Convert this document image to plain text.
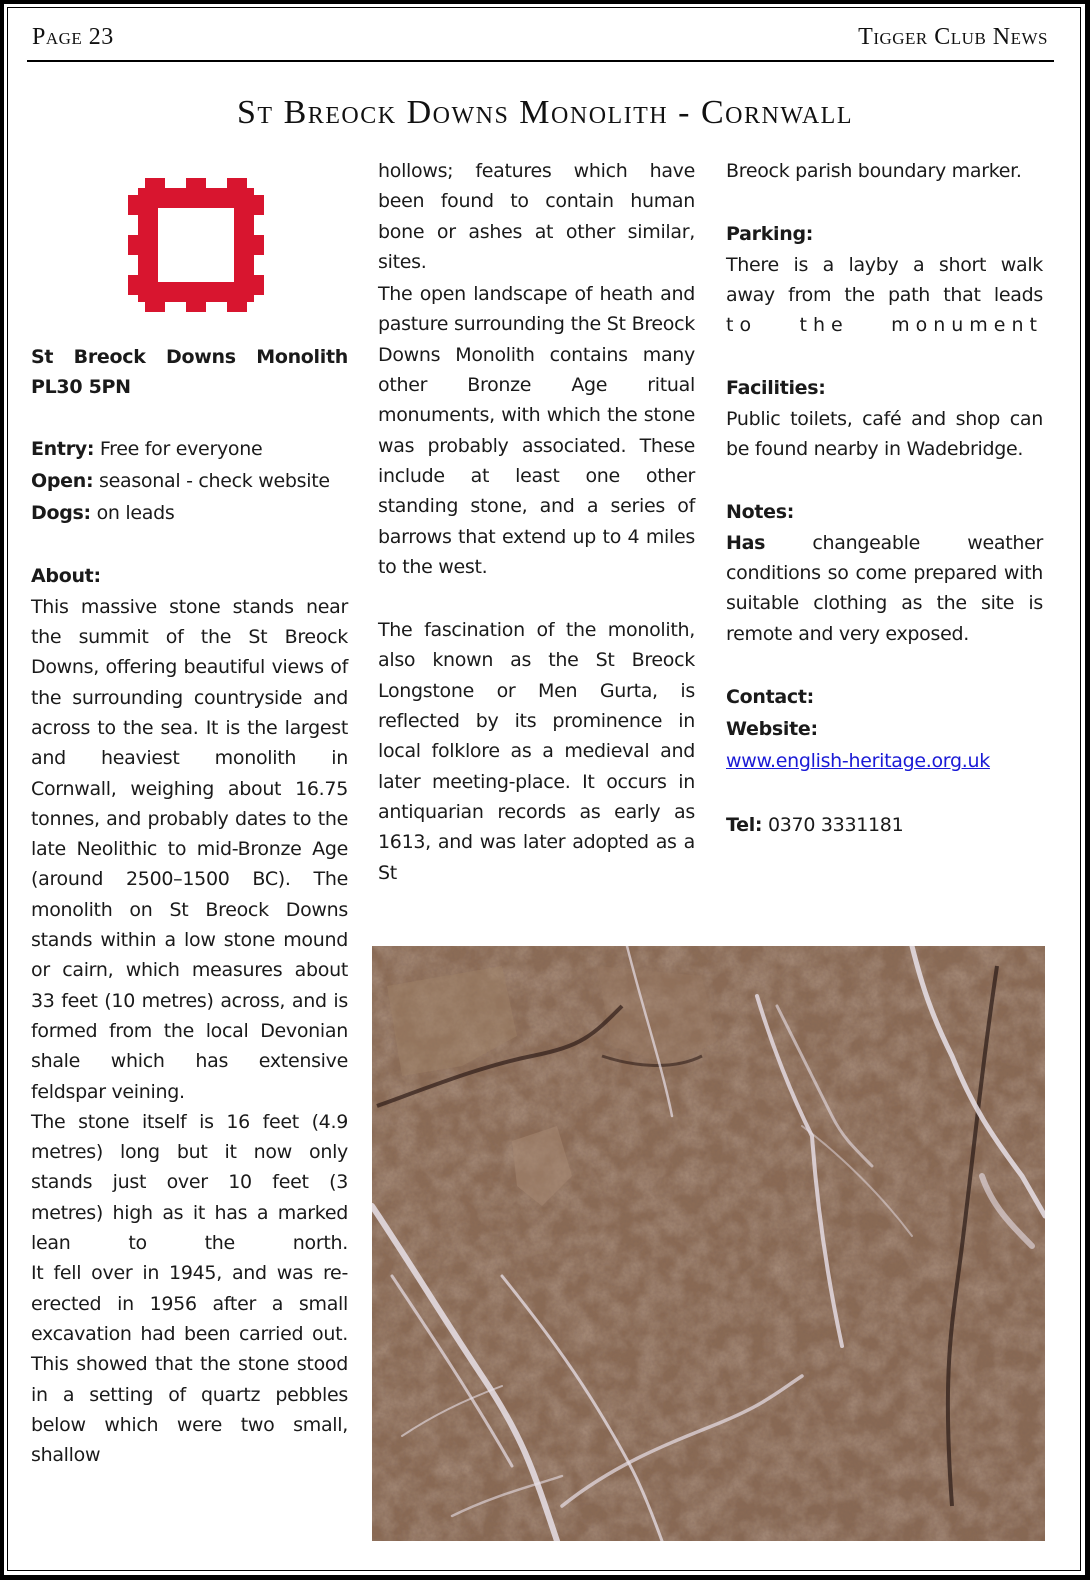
Page 23	Tigger Club News
St Breock Downs Monolith - Cornwall

St Breock Downs Monolith
PL30 5PN

Entry: Free for everyone

Open: seasonal - check website

Dogs: on leads

About:

This massive stone stands near the summit of the St Breock Downs, offering beautiful views of the surrounding countryside and across to the sea. It is the largest and heaviest monolith in Cornwall, weighing about 16.75 tonnes, and probably dates to the late Neolithic to mid-Bronze Age (around 2500–1500 BC). The monolith on St Breock Downs stands within a low stone mound or cairn, which measures about 33 feet (10 metres) across, and is formed from the local Devonian shale which has extensive feldspar veining.

The stone itself is 16 feet (4.9 metres) long but it now only stands just over 10 feet (3 metres) high as it has a marked lean to the north.

It fell over in 1945, and was re-erected in 1956 after a small excavation had been carried out. This showed that the stone stood in a setting of quartz pebbles below which were two small, shallow

hollows; features which have been found to contain human bone or ashes at other similar, sites.

The open landscape of heath and pasture surrounding the St Breock Downs Monolith contains many other Bronze Age ritual monuments, with which the stone was probably associated. These include at least one other standing stone, and a series of barrows that extend up to 4 miles to the west.

The fascination of the monolith, also known as the St Breock Longstone or Men Gurta, is reflected by its prominence in local folklore as a medieval and later meeting-place. It occurs in antiquarian records as early as 1613, and was later adopted as a St

Breock parish boundary marker.

Parking:

There is a layby a short walk away from the path that leads

to the monument

Facilities:

Public toilets, café and shop can be found nearby in Wadebridge.

Notes:

Has changeable weather conditions so come prepared with suitable clothing as the site is remote and very exposed.

Contact:

Website:

www.english-heritage.org.uk

Tel: 0370 3331181
